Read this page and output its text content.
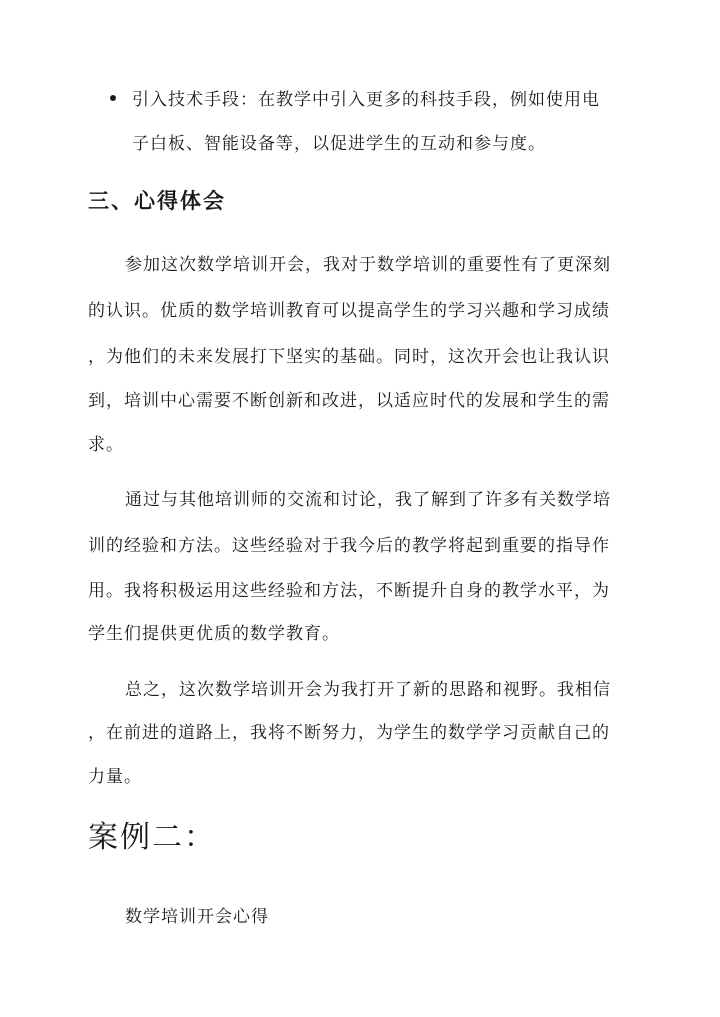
引入技术手段：在教学中引入更多的科技手段，例如使用电
子白板、智能设备等，以促进学生的互动和参与度。
三、心得体会
参加这次数学培训开会，我对于数学培训的重要性有了更深刻
的认识。优质的数学培训教育可以提高学生的学习兴趣和学习成绩
，为他们的未来发展打下坚实的基础。同时，这次开会也让我认识
到，培训中心需要不断创新和改进，以适应时代的发展和学生的需
求。
通过与其他培训师的交流和讨论，我了解到了许多有关数学培
训的经验和方法。这些经验对于我今后的教学将起到重要的指导作
用。我将积极运用这些经验和方法，不断提升自身的教学水平，为
学生们提供更优质的数学教育。
总之，这次数学培训开会为我打开了新的思路和视野。我相信
，在前进的道路上，我将不断努力，为学生的数学学习贡献自己的
力量。
案例二：
数学培训开会心得
